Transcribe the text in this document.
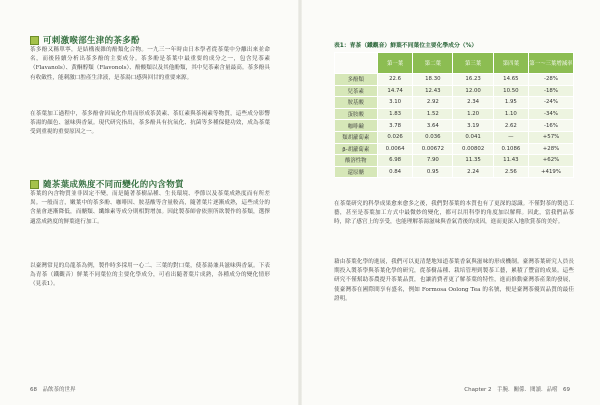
可刺激喉部生津的茶多酚
茶多酚又稱單寧，是結構複雜的酚類化合物。一九三一年時由日本學者從茶葉中分離出來並命名，而後陸續分析出茶多酚的主要成分。茶多酚是茶葉中最重要的成分之一，包含兒茶素（Flavanols）、黃酮醇類（Flavonols）、酚酸類以及其他酚類，其中兒茶素含量最高。茶多酚具有收斂性，能刺激口腔產生津液，是茶湯口感與回甘的重要來源。
在茶葉加工過程中，茶多酚會因氧化作用而形成茶黃素、茶紅素與茶褐素等物質，這些成分影響茶湯的顏色、滋味與香氣。現代研究指出，茶多酚具有抗氧化、抗菌等多種保健功效，成為茶葉受到重視的重要原因之一。
隨茶葉成熟度不同而變化的內含物質
茶葉的內含物質並非固定不變，而是隨著茶樹品種、生長環境、季節以及茶葉成熟度而有所差異。一般而言，嫩葉中的茶多酚、咖啡因、胺基酸等含量較高，隨著葉片逐漸成熟，這些成分的含量會逐漸降低，而醣類、纖維素等成分則相對增加。因此製茶師會依照所欲製作的茶類，選擇適當成熟度的鮮葉進行加工。
以臺灣常見的烏龍茶為例，製作時多採用一心二、三葉的對口葉，使茶湯兼具滋味與香氣。下表為青茶（鐵觀音）鮮葉不同葉位的主要化學成分，可看出隨著葉片成熟，各種成分的變化情形（見表1）。
68　品飲茶的世界
表1：青茶（鐵觀音）鮮葉不同葉位主要化學成分（%）
	第一葉	第二葉	第三葉	第四葉	第一～三葉增減率
多酚類	22.6	18.30	16.23	14.65	-28%
兒茶素	14.74	12.43	12.00	10.50	-18%
胺基酸	3.10	2.92	2.34	1.95	-24%
蛋胺酸	1.83	1.52	1.20	1.10	-34%
咖啡鹼	3.78	3.64	3.19	2.62	-16%
類胡蘿蔔素	0.026	0.036	0.041	—	+57%
β-胡蘿蔔素	0.0064	0.00672	0.00802	0.1086	+28%
酸溶性物	6.98	7.90	11.35	11.43	+62%
還原醣	0.84	0.95	2.24	2.56	+419%
在茶葉研究的科學成果愈來愈多之後，我們對茶葉的本質也有了更深的認識。不僅對茶的製造工藝，甚至是茶葉加工方式中最微妙的變化，都可以用科學的角度加以解釋。因此，當我們品茶時，除了感官上的享受，也能理解茶湯滋味與香氣背後的成因，進而更深入地欣賞茶的美好。
藉由茶葉化學的進展，我們可以更清楚地知道茶葉香氣與滋味的形成機制。臺灣茶葉研究人員長期投入製茶學與茶葉化學的研究，從茶樹品種、栽培管理到製茶工藝，累積了豐富的成果。這些研究不僅幫助茶農提升茶葉品質，也讓消費者更了解茶葉的特性，進而推動臺灣茶產業的發展，使臺灣茶在國際間享有盛名，例如 Formosa Oolong Tea 的名號，便是臺灣茶優異品質的最佳證明。
Chapter 2　手腕．關係．閱讀．品嚐　69
